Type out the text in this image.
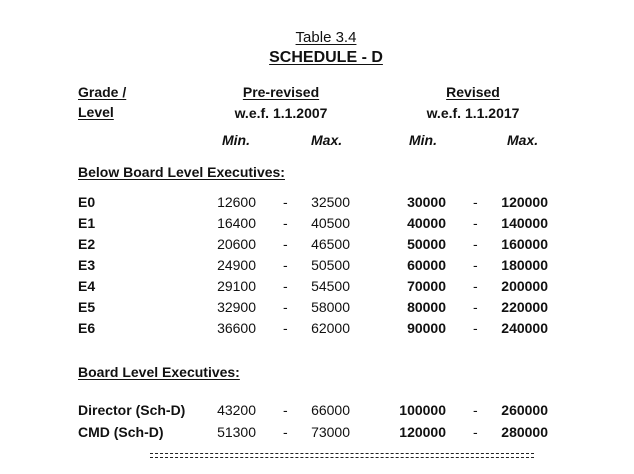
Table 3.4
SCHEDULE - D
Grade /
Level
Pre-revised
w.e.f. 1.1.2007
Revised
w.e.f. 1.1.2017
Min.	Max.	Min.	Max.
Below Board Level Executives:
E0	12600 - 32500	30000 - 120000
E1	16400 - 40500	40000 - 140000
E2	20600 - 46500	50000 - 160000
E3	24900 - 50500	60000 - 180000
E4	29100 - 54500	70000 - 200000
E5	32900 - 58000	80000 - 220000
E6	36600 - 62000	90000 - 240000
Board Level Executives:
Director (Sch-D) 43200 - 66000	100000 - 260000
CMD (Sch-D)	51300 - 73000	120000 - 280000
